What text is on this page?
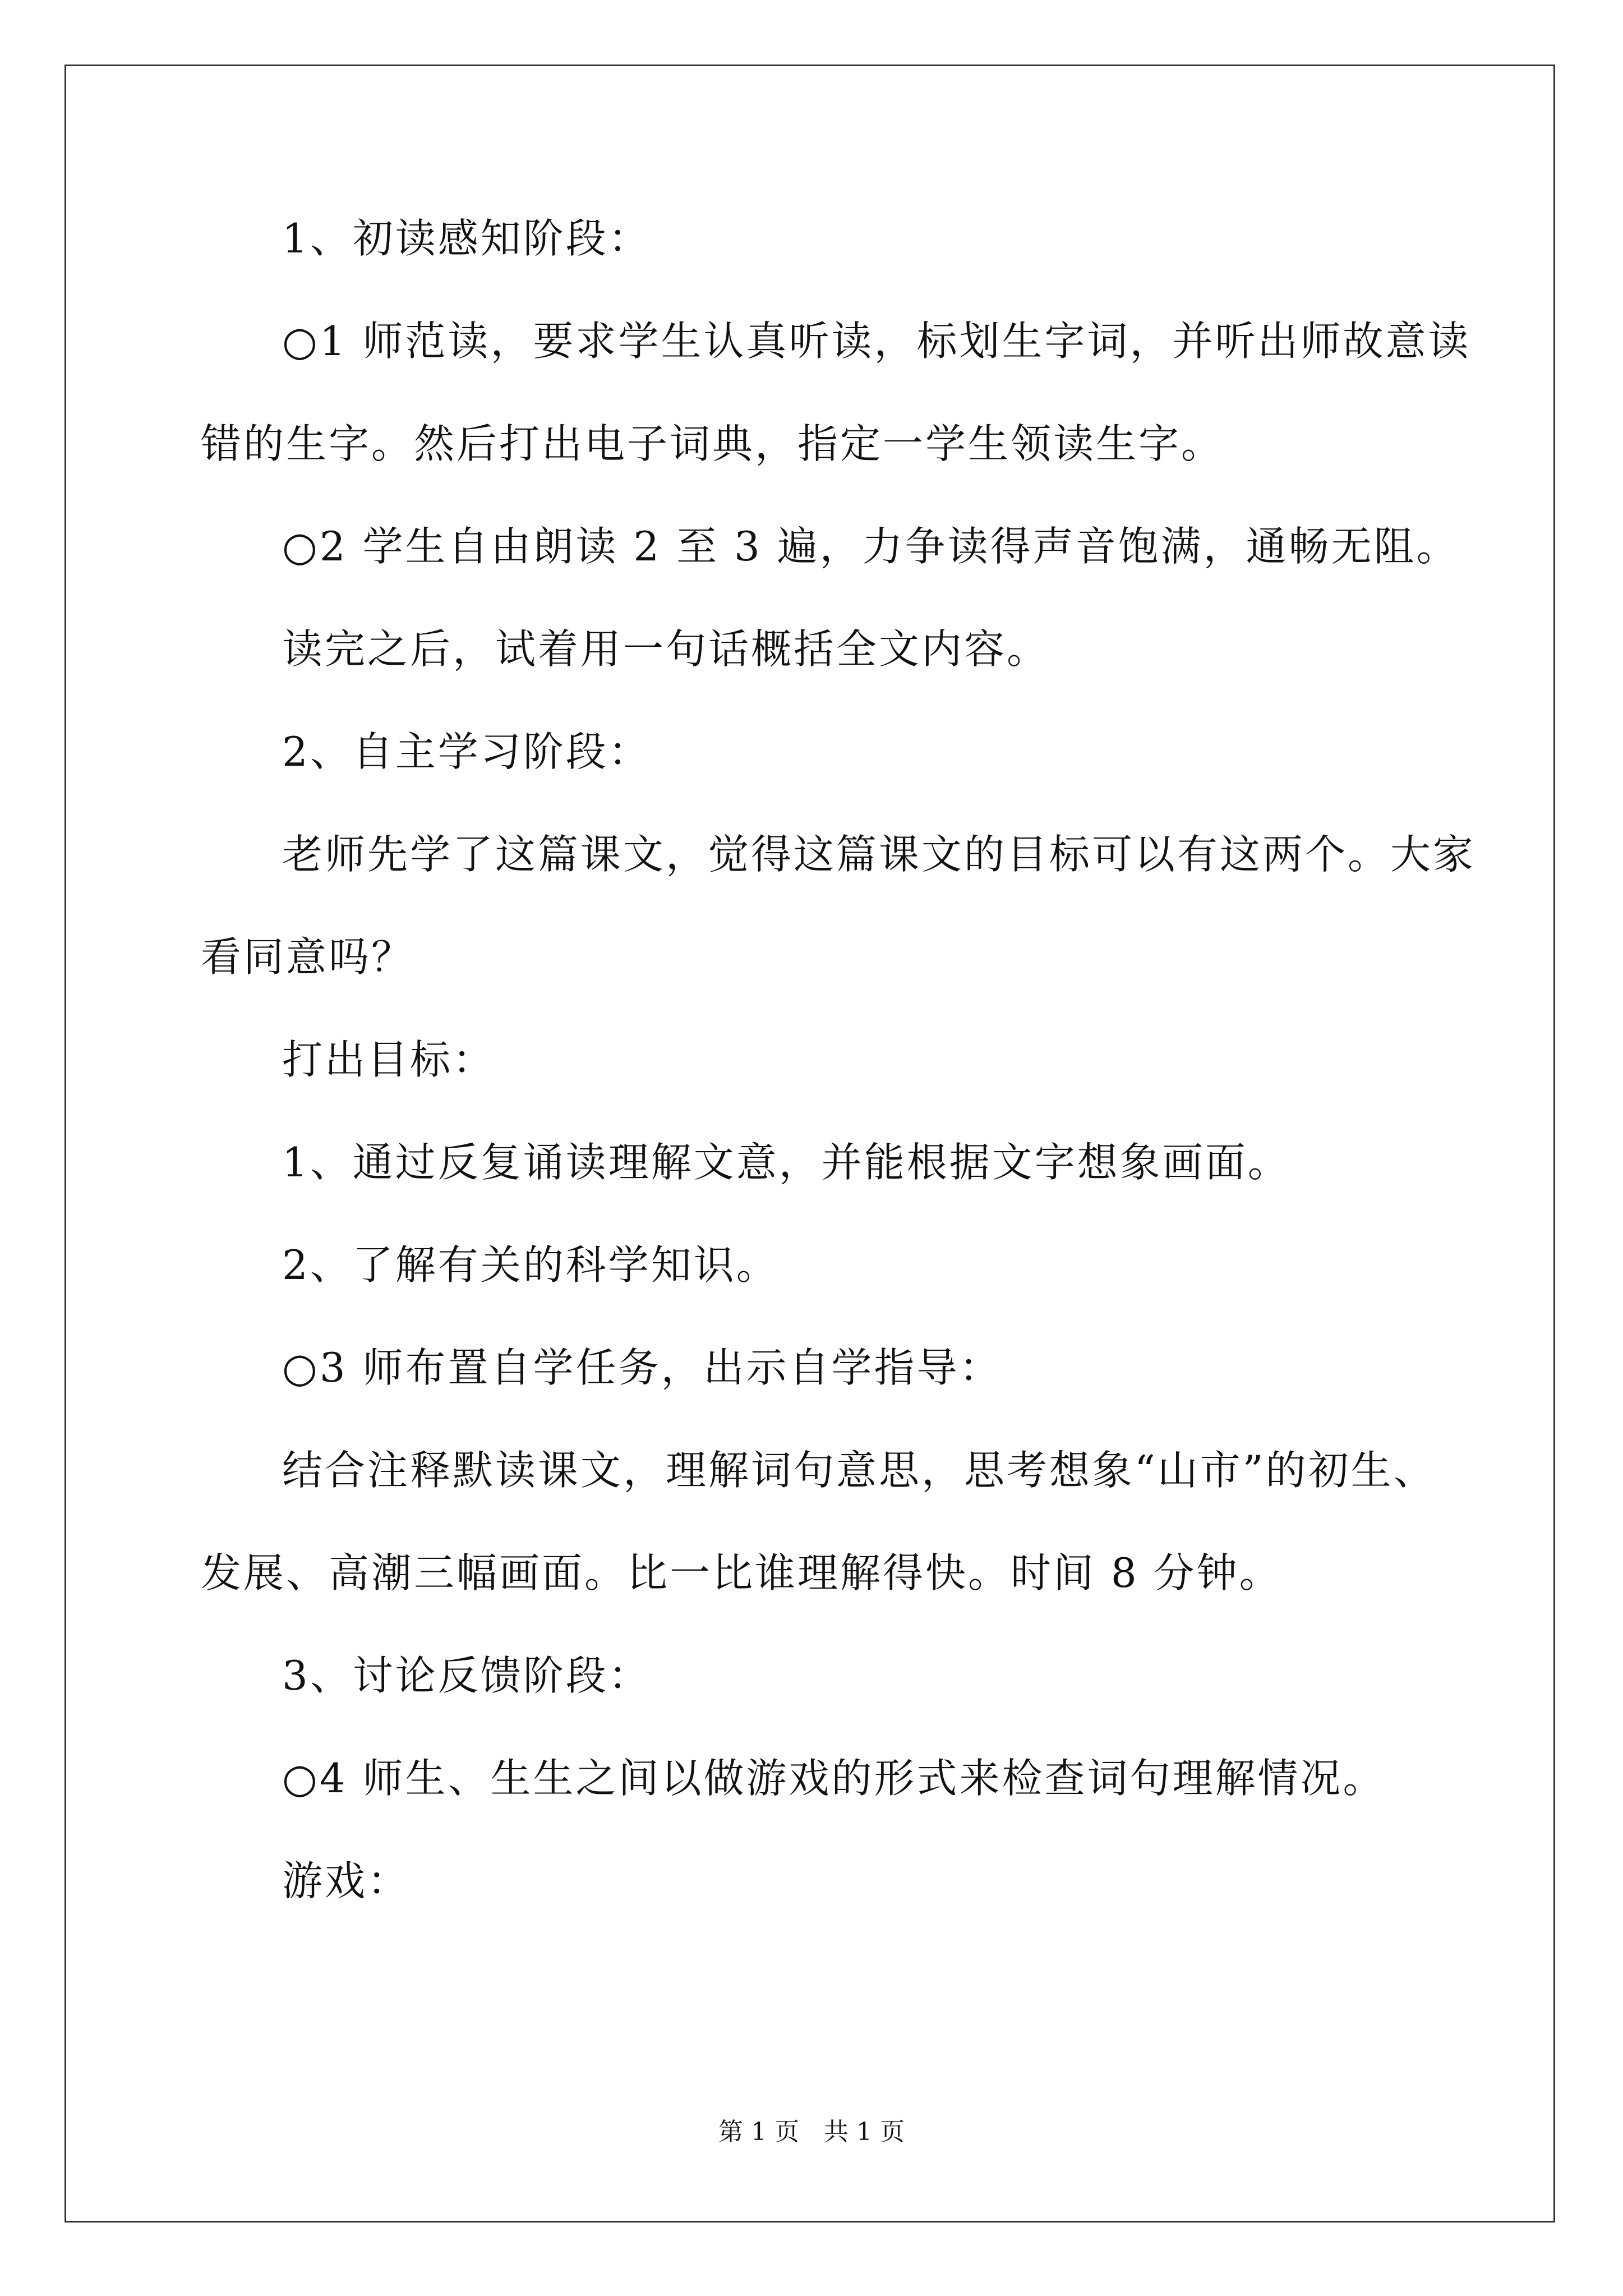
1、初读感知阶段：
○1 师范读，要求学生认真听读，标划生字词，并听出师故意读
错的生字。然后打出电子词典，指定一学生领读生字。
○2 学生自由朗读 2 至 3 遍，力争读得声音饱满，通畅无阻。
读完之后，试着用一句话概括全文内容。
2、自主学习阶段：
老师先学了这篇课文，觉得这篇课文的目标可以有这两个。大家
看同意吗？
打出目标：
1、通过反复诵读理解文意，并能根据文字想象画面。
2、了解有关的科学知识。
○3 师布置自学任务，出示自学指导：
结合注释默读课文，理解词句意思，思考想象“山市”的初生、
发展、高潮三幅画面。比一比谁理解得快。时间 8 分钟。
3、讨论反馈阶段：
○4 师生、生生之间以做游戏的形式来检查词句理解情况。
游戏：
第 1 页　共 1 页
